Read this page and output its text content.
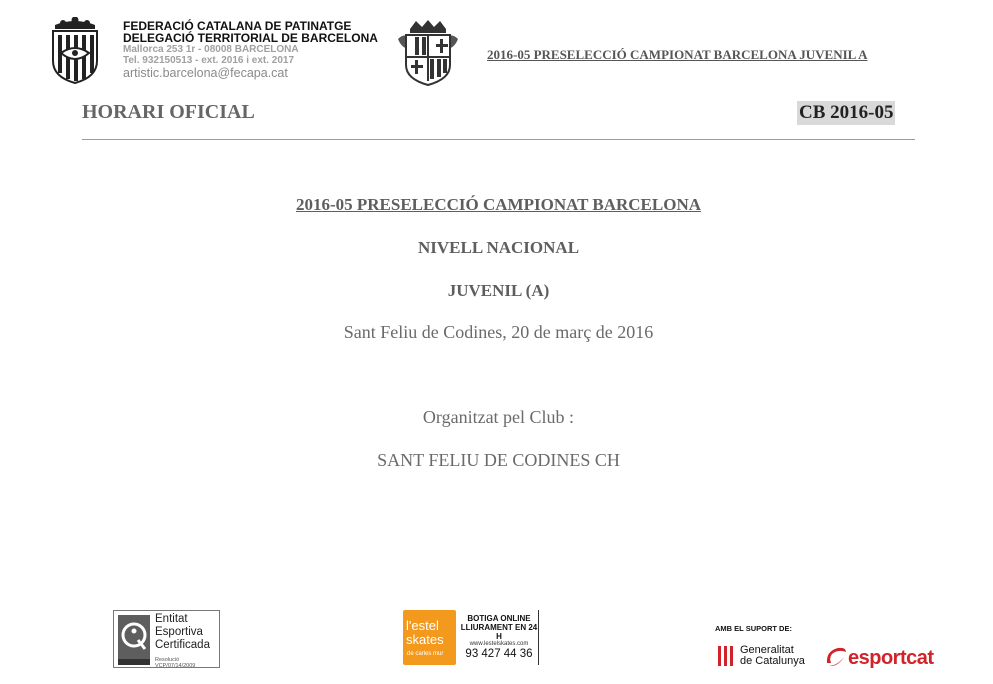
FEDERACIÓ CATALANA DE PATINATGE
DELEGACIÓ TERRITORIAL DE BARCELONA
Mallorca 253 1r - 08008 BARCELONA
Tel. 932150513 - ext. 2016 i ext. 2017
artistic.barcelona@fecapa.cat
2016-05 PRESELECCIÓ CAMPIONAT BARCELONA JUVENIL A
HORARI OFICIAL	CB 2016-05
2016-05 PRESELECCIÓ CAMPIONAT BARCELONA
NIVELL NACIONAL
JUVENIL (A)
Sant Feliu de Codines, 20 de març de 2016
Organitzat pel Club :
SANT FELIU DE CODINES CH
Entitat
Esportiva
Certificada
Resolució VCP/07/14/2009
l'estel
skates
de carles mur
BOTIGA ONLINE
LLIURAMENT EN 24 H
www.lestelskates.com
93 427 44 36
AMB EL SUPORT DE:
Generalitat
de Catalunya esportcat
